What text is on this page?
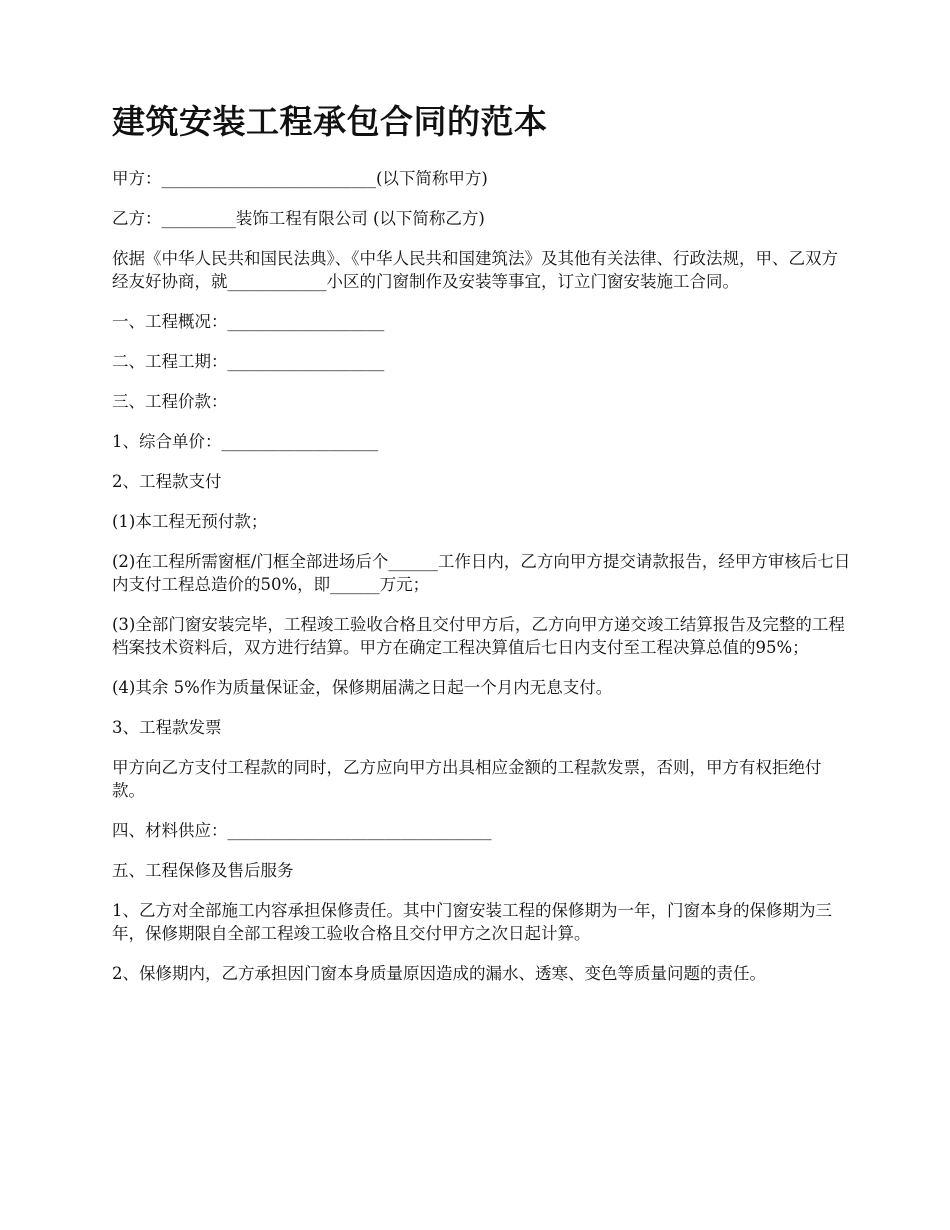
建筑安装工程承包合同的范本

甲方：__________________________(以下简称甲方)

乙方：_________装饰工程有限公司 (以下简称乙方)

依据《中华人民共和国民法典》、《中华人民共和国建筑法》及其他有关法律、行政法规，甲、乙双方经友好协商，就____________小区的门窗制作及安装等事宜，订立门窗安装施工合同。

一、工程概况：___________________

二、工程工期：___________________

三、工程价款：

1、综合单价：___________________

2、工程款支付

(1)本工程无预付款；

(2)在工程所需窗框/门框全部进场后个______工作日内，乙方向甲方提交请款报告，经甲方审核后七日内支付工程总造价的50%，即______万元；

(3)全部门窗安装完毕，工程竣工验收合格且交付甲方后，乙方向甲方递交竣工结算报告及完整的工程档案技术资料后，双方进行结算。甲方在确定工程决算值后七日内支付至工程决算总值的95%；

(4)其余 5%作为质量保证金，保修期届满之日起一个月内无息支付。

3、工程款发票

甲方向乙方支付工程款的同时，乙方应向甲方出具相应金额的工程款发票，否则，甲方有权拒绝付款。

四、材料供应：________________________________

五、工程保修及售后服务

1、乙方对全部施工内容承担保修责任。其中门窗安装工程的保修期为一年，门窗本身的保修期为三年，保修期限自全部工程竣工验收合格且交付甲方之次日起计算。

2、保修期内，乙方承担因门窗本身质量原因造成的漏水、透寒、变色等质量问题的责任。
